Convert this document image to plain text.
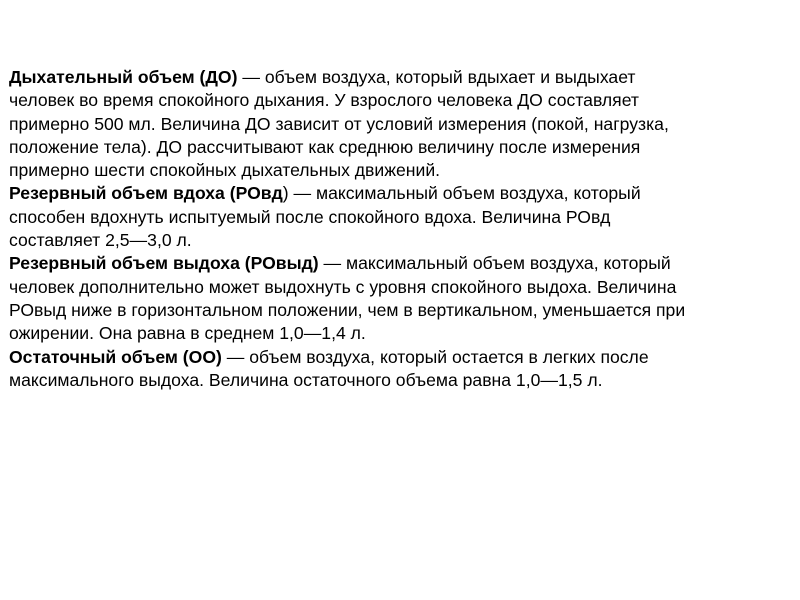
Дыхательный объем (ДО) — объем воздуха, который вдыхает и выдыхает
человек во время спокойного дыхания. У взрослого человека ДО составляет
примерно 500 мл. Величина ДО зависит от условий измерения (покой, нагрузка,
положение тела). ДО рассчитывают как среднюю величину после измерения
примерно шести спокойных дыхательных движений.

Резервный объем вдоха (РОвд) — максимальный объем воздуха, который
способен вдохнуть испытуемый после спокойного вдоха. Величина РОвд
составляет 2,5—3,0 л.

Резервный объем выдоха (РОвыд) — максимальный объем воздуха, который
человек дополнительно может выдохнуть с уровня спокойного выдоха. Величина
РОвыд ниже в горизонтальном положении, чем в вертикальном, уменьшается при
ожирении. Она равна в среднем 1,0—1,4 л.

Остаточный объем (ОО) — объем воздуха, который остается в легких после
максимального выдоха. Величина остаточного объема равна 1,0—1,5 л.
